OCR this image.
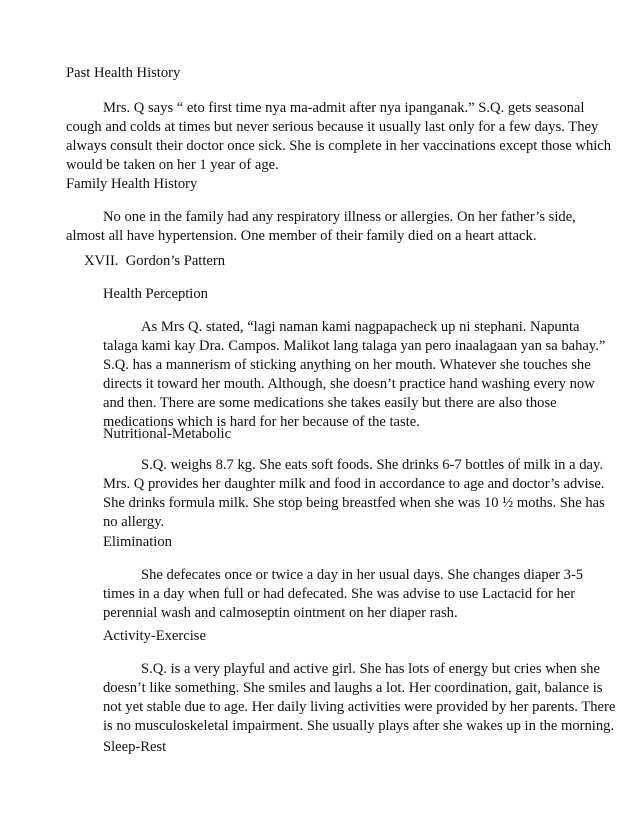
Past Health History
Mrs. Q says “ eto first time nya ma-admit after nya ipanganak.” S.Q. gets seasonal
cough and colds at times but never serious because it usually last only for a few days. They
always consult their doctor once sick. She is complete in her vaccinations except those which
would be taken on her 1 year of age.
Family Health History
No one in the family had any respiratory illness or allergies. On her father’s side,
almost all have hypertension. One member of their family died on a heart attack.
XVII.  Gordon’s Pattern
Health Perception
As Mrs Q. stated, “lagi naman kami nagpapacheck up ni stephani. Napunta
talaga kami kay Dra. Campos. Malikot lang talaga yan pero inaalagaan yan sa bahay.”
S.Q. has a mannerism of sticking anything on her mouth. Whatever she touches she
directs it toward her mouth. Although, she doesn’t practice hand washing every now
and then. There are some medications she takes easily but there are also those
medications which is hard for her because of the taste.
Nutritional-Metabolic
S.Q. weighs 8.7 kg. She eats soft foods. She drinks 6-7 bottles of milk in a day.
Mrs. Q provides her daughter milk and food in accordance to age and doctor’s advise.
She drinks formula milk. She stop being breastfed when she was 10 ½ moths. She has
no allergy.
Elimination
She defecates once or twice a day in her usual days. She changes diaper 3-5
times in a day when full or had defecated. She was advise to use Lactacid for her
perennial wash and calmoseptin ointment on her diaper rash.
Activity-Exercise
S.Q. is a very playful and active girl. She has lots of energy but cries when she
doesn’t like something. She smiles and laughs a lot. Her coordination, gait, balance is
not yet stable due to age. Her daily living activities were provided by her parents. There
is no musculoskeletal impairment. She usually plays after she wakes up in the morning.
Sleep-Rest
